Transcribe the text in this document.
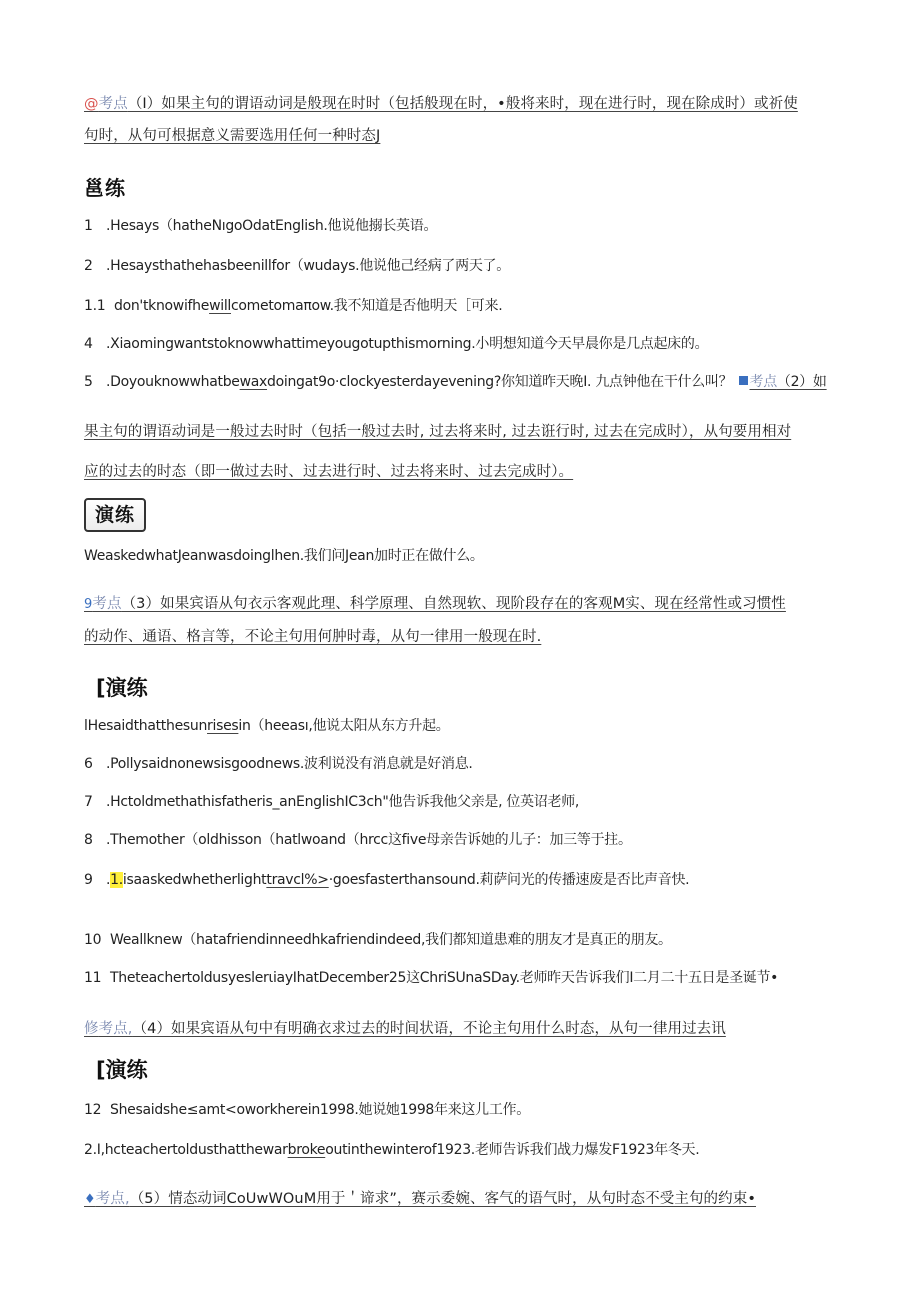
@考点（I）如果主句的谓语动词是般现在时时（包括般现在时，•般将来时，现在进行时，现在除成时）或祈使
句时，从句可根据意义需要选用任何一种时态J
邕练
1 .Hesays（hatheNıgoOdatEnglish.他说他搦长英语。
2 .Hesaysthathehasbeenillfor（wudays.他说他己经病了两天了。
1.1 don'tknowifhewillcometomaπow.我不知道是否他明天［可来.
4 .Xiaomingwantstoknowwhattimeyougotupthismorning.小明想知道今天早晨你是几点起床的。
5 .Doyouknowwhatbewaxdoingat9o·clockyesterdayevening?你知道昨天晚I. 九点钟他在干什么叫？ 考点（2）如
果主句的谓语动词是一般过去时时（包括一般过去时, 过去将来时, 过去诳行时, 过去在完成时），从句要用相对
应的过去的时态（即一做过去时、过去进行时、过去将来时、过去完成时）。
演练
WeaskedwhatJeanwasdoinglhen.我们问Jean加时正在做什么。
9考点（3）如果宾语从句衣示客观此理、科学原理、自然现软、现阶段存在的客观M实、现在经常性或习惯性
的动作、通语、格言等，不论主句用何肿时毒，从句一律用一般现在时.
[演练
lHesaidthatthesunrisesin（heeası,他说太阳从东方升起。
6 .Pollysaidnonewsisgoodnews.波利说没有消息就是好消息.
7 .Hctoldmethathisfatheris_anEnglishIC3ch"他告诉我他父亲是, 位英诏老师,
8 .Themother（oldhisson（hatlwoand（hrcc这five母亲告诉她的儿子：加三等于拄。
9 .1.isaaskedwhetherlighttravcl%>·goesfasterthansound.莉萨问光的传播速废是否比声音快.
10 Weallknew（hatafriendinneedhkafriendindeed,我们都知道患难的朋友才是真正的朋友。
11 TheteachertoldusyeslerιiayIhatDecember25这ChriSUnaSDay.老师昨天告诉我们I二月二十五日是圣诞节•
修考点,（4）如果宾语从句中有明确衣求过去的时间状语，不论主句用什么时态，从句一律用过去讯
[演练
12 Shesaidshe≤amt<oworkherein1998.她说她1998年来这儿工作。
2.I,hcteachertoldusthatthewarbrokeoutinthewinterof1923.老师告诉我们战力爆发F1923年冬天.
♦考点,（5）情态动词CoUwWOuM用于＇谛求”，赛示委婉、客气的语气时，从句时态不受主句的约束•
